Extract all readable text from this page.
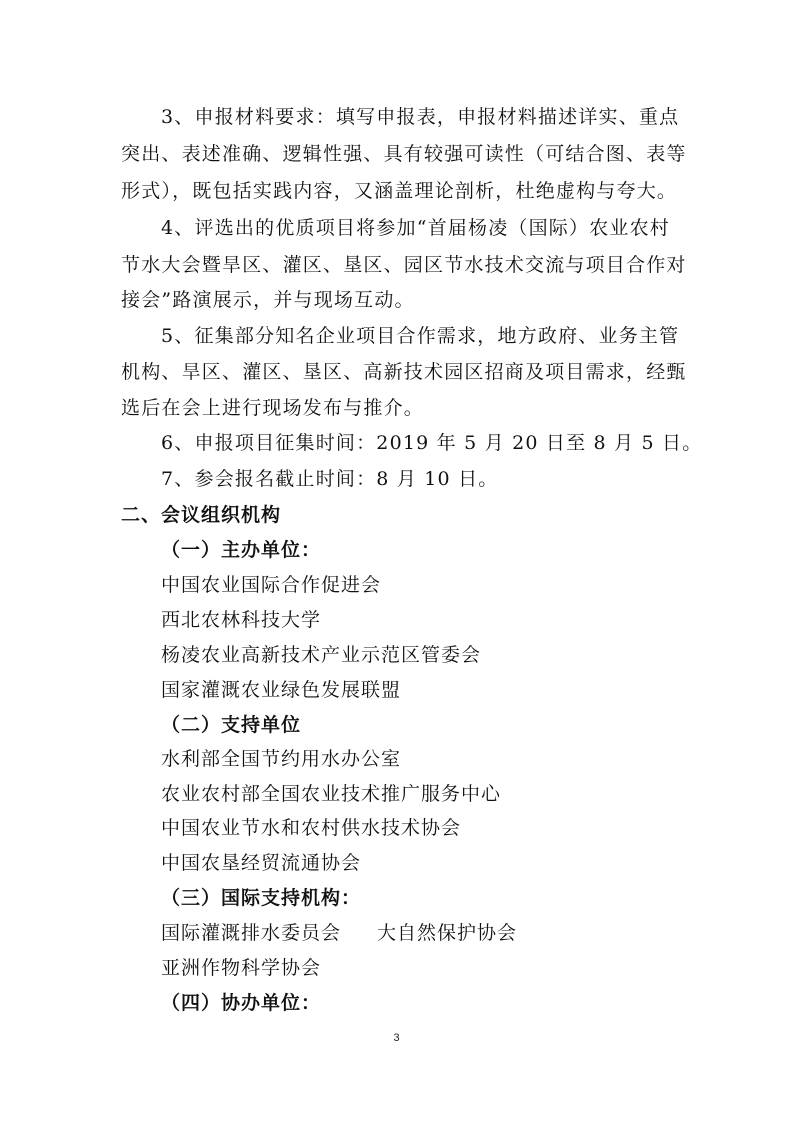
3、申报材料要求：填写申报表，申报材料描述详实、重点
突出、表述准确、逻辑性强、具有较强可读性（可结合图、表等
形式），既包括实践内容，又涵盖理论剖析，杜绝虚构与夸大。
4、评选出的优质项目将参加“首届杨凌（国际）农业农村
节水大会暨旱区、灌区、垦区、园区节水技术交流与项目合作对
接会”路演展示，并与现场互动。
5、征集部分知名企业项目合作需求，地方政府、业务主管
机构、旱区、灌区、垦区、高新技术园区招商及项目需求，经甄
选后在会上进行现场发布与推介。
6、申报项目征集时间：2019 年 5 月 20 日至 8 月 5 日。
7、参会报名截止时间：8 月 10 日。
二、会议组织机构
（一）主办单位：
中国农业国际合作促进会
西北农林科技大学
杨凌农业高新技术产业示范区管委会
国家灌溉农业绿色发展联盟
（二）支持单位
水利部全国节约用水办公室
农业农村部全国农业技术推广服务中心
中国农业节水和农村供水技术协会
中国农垦经贸流通协会
（三）国际支持机构：
国际灌溉排水委员会 大自然保护协会
亚洲作物科学协会
（四）协办单位：
3
